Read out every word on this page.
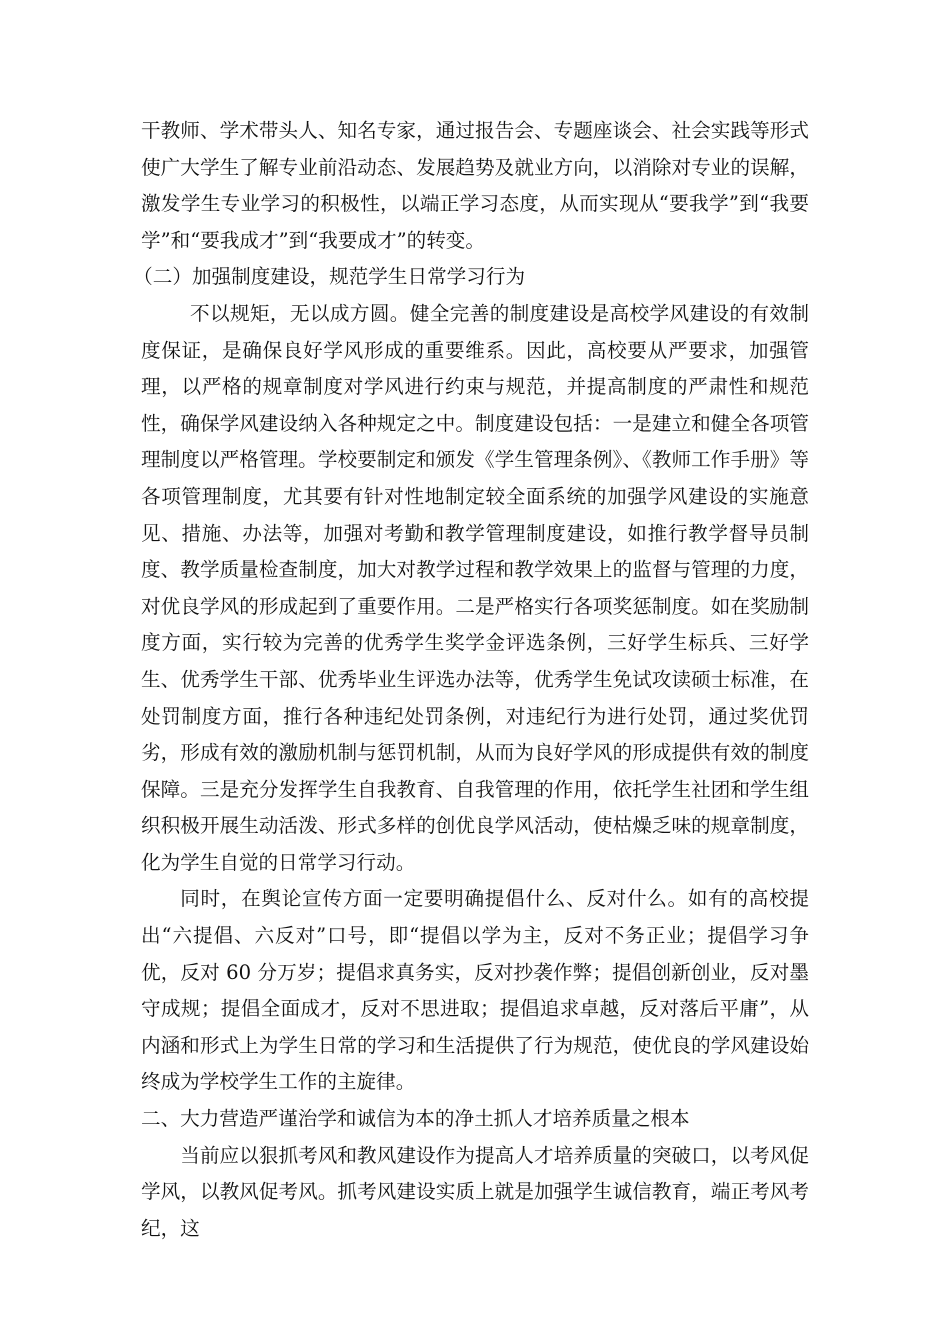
干教师、学术带头人、知名专家，通过报告会、专题座谈会、社会实践等形式使广大学生了解专业前沿动态、发展趋势及就业方向，以消除对专业的误解，激发学生专业学习的积极性，以端正学习态度，从而实现从“要我学”到“我要学”和“要我成才”到“我要成才”的转变。

（二）加强制度建设，规范学生日常学习行为

不以规矩，无以成方圆。健全完善的制度建设是高校学风建设的有效制度保证，是确保良好学风形成的重要维系。因此，高校要从严要求，加强管理，以严格的规章制度对学风进行约束与规范，并提高制度的严肃性和规范性，确保学风建设纳入各种规定之中。制度建设包括：一是建立和健全各项管理制度以严格管理。学校要制定和颁发《学生管理条例》、《教师工作手册》等各项管理制度，尤其要有针对性地制定较全面系统的加强学风建设的实施意见、措施、办法等，加强对考勤和教学管理制度建设，如推行教学督导员制度、教学质量检查制度，加大对教学过程和教学效果上的监督与管理的力度，对优良学风的形成起到了重要作用。二是严格实行各项奖惩制度。如在奖励制度方面，实行较为完善的优秀学生奖学金评选条例，三好学生标兵、三好学生、优秀学生干部、优秀毕业生评选办法等，优秀学生免试攻读硕士标准，在处罚制度方面，推行各种违纪处罚条例，对违纪行为进行处罚，通过奖优罚劣，形成有效的激励机制与惩罚机制，从而为良好学风的形成提供有效的制度保障。三是充分发挥学生自我教育、自我管理的作用，依托学生社团和学生组织积极开展生动活泼、形式多样的创优良学风活动，使枯燥乏味的规章制度，化为学生自觉的日常学习行动。

同时，在舆论宣传方面一定要明确提倡什么、反对什么。如有的高校提出“六提倡、六反对”口号，即“提倡以学为主，反对不务正业；提倡学习争优，反对 60 分万岁；提倡求真务实，反对抄袭作弊；提倡创新创业，反对墨守成规；提倡全面成才，反对不思进取；提倡追求卓越，反对落后平庸”，从内涵和形式上为学生日常的学习和生活提供了行为规范，使优良的学风建设始终成为学校学生工作的主旋律。

二、大力营造严谨治学和诚信为本的净土抓人才培养质量之根本

当前应以狠抓考风和教风建设作为提高人才培养质量的突破口，以考风促学风，以教风促考风。抓考风建设实质上就是加强学生诚信教育，端正考风考纪，这
